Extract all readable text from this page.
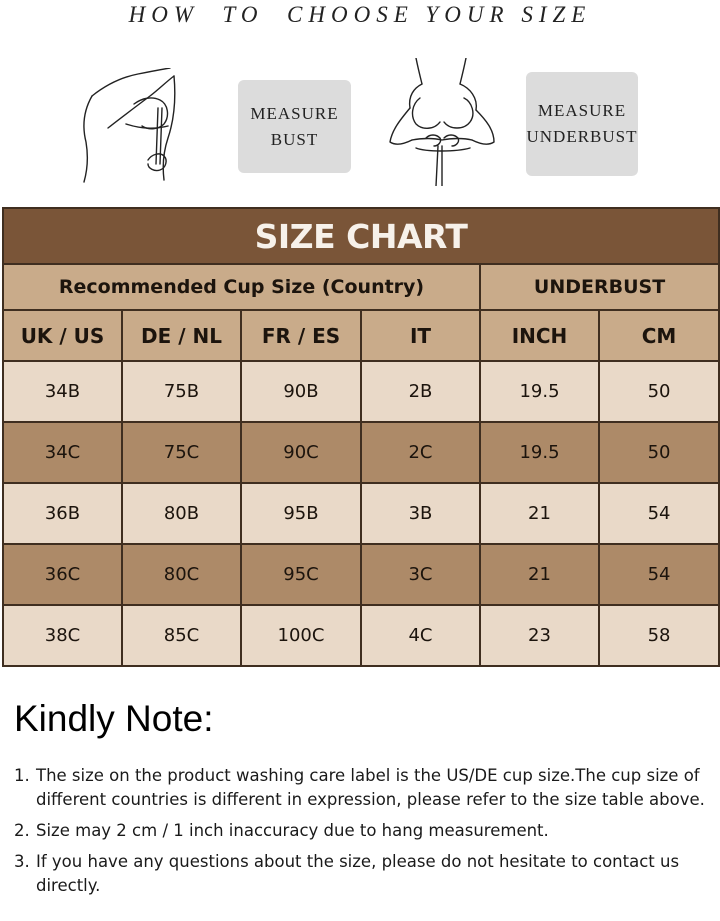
HOW  TO  CHOOSE YOUR SIZE
MEASURE
BUST
MEASURE
UNDERBUST
SIZE CHART					
Recommended Cup Size (Country)				UNDERBUST	
UK / US	DE / NL	FR / ES	IT	INCH	CM
34B	75B	90B	2B	19.5	50
34C	75C	90C	2C	19.5	50
36B	80B	95B	3B	21	54
36C	80C	95C	3C	21	54
38C	85C	100C	4C	23	58
Kindly Note:
1. The size on the product washing care label is the US/DE cup size.The cup size of different countries is different in expression, please refer to the size table above.
2. Size may 2 cm / 1 inch inaccuracy due to hang measurement.
3. If you have any questions about the size, please do not hesitate to contact us directly.
